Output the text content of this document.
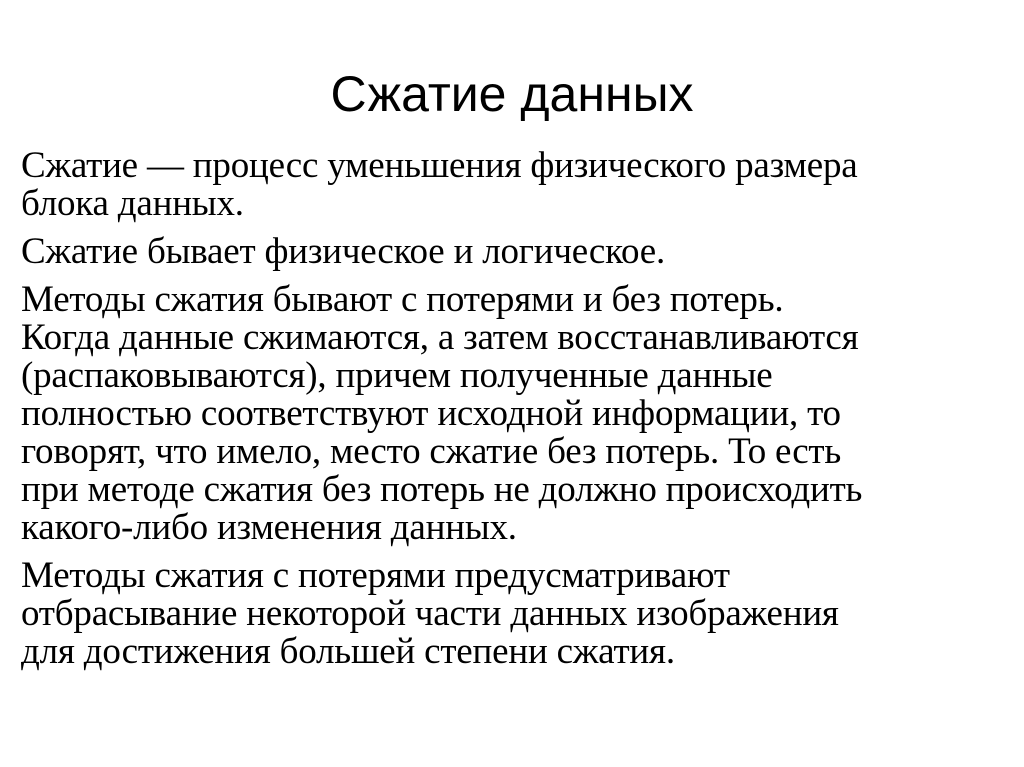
Сжатие данных

Сжатие — процесс уменьшения физического размера
блока данных.

Сжатие бывает физическое и логическое.

Методы сжатия бывают с потерями и без потерь.
Когда данные сжимаются, а затем восстанавливаются
(распаковываются), причем полученные данные
полностью соответствуют исходной информации, то
говорят, что имело, место сжатие без потерь. То есть
при методе сжатия без потерь не должно происходить
какого-либо изменения данных.

Методы сжатия с потерями предусматривают
отбрасывание некоторой части данных изображения
для достижения большей степени сжатия.
